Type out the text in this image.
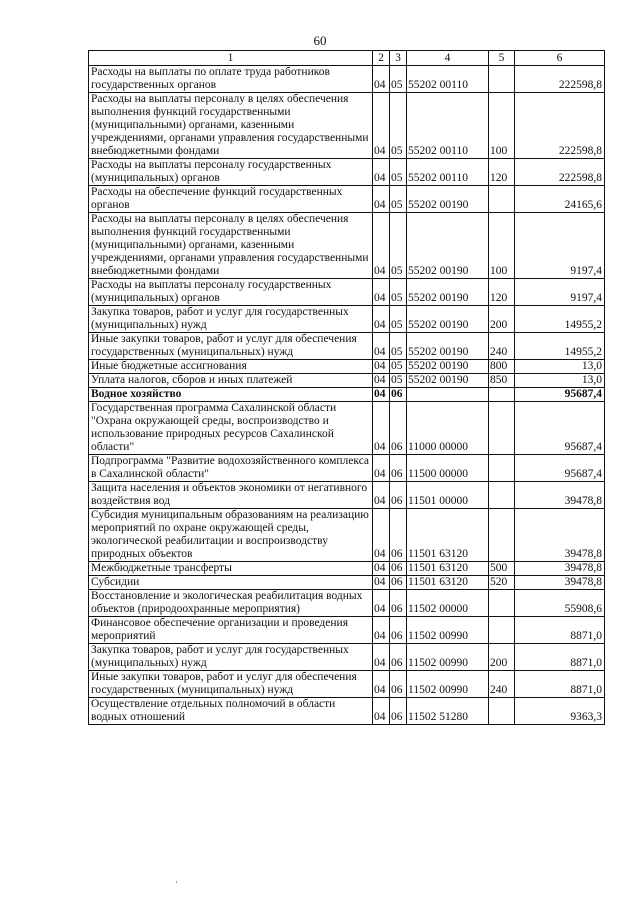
60
1	2	3	4	5	6
Расходы на выплаты по оплате труда работников государственных органов	04	05	55202 00110		222598,8
Расходы на выплаты персоналу в целях обеспечения выполнения функций государственными (муниципальными) органами, казенными учреждениями, органами управления государственными внебюджетными фондами	04	05	55202 00110	100	222598,8
Расходы на выплаты персоналу государственных (муниципальных) органов	04	05	55202 00110	120	222598,8
Расходы на обеспечение функций государственных органов	04	05	55202 00190		24165,6
Расходы на выплаты персоналу в целях обеспечения выполнения функций государственными (муниципальными) органами, казенными учреждениями, органами управления государственными внебюджетными фондами	04	05	55202 00190	100	9197,4
Расходы на выплаты персоналу государственных (муниципальных) органов	04	05	55202 00190	120	9197,4
Закупка товаров, работ и услуг для государственных (муниципальных) нужд	04	05	55202 00190	200	14955,2
Иные закупки товаров, работ и услуг для обеспечения государственных (муниципальных) нужд	04	05	55202 00190	240	14955,2
Иные бюджетные ассигнования	04	05	55202 00190	800	13,0
Уплата налогов, сборов и иных платежей	04	05	55202 00190	850	13,0
Водное хозяйство	04	06			95687,4
Государственная программа Сахалинской области "Охрана окружающей среды, воспроизводство и использование природных ресурсов Сахалинской области"	04	06	11000 00000		95687,4
Подпрограмма "Развитие водохозяйственного комплекса в Сахалинской области"	04	06	11500 00000		95687,4
Защита населения и объектов экономики от негативного воздействия вод	04	06	11501 00000		39478,8
Субсидия муниципальным образованиям на реализацию мероприятий по охране окружающей среды, экологической реабилитации и воспроизводству природных объектов	04	06	11501 63120		39478,8
Межбюджетные трансферты	04	06	11501 63120	500	39478,8
Субсидии	04	06	11501 63120	520	39478,8
Восстановление и экологическая реабилитация водных объектов (природоохранные мероприятия)	04	06	11502 00000		55908,6
Финансовое обеспечение организации и проведения мероприятий	04	06	11502 00990		8871,0
Закупка товаров, работ и услуг для государственных (муниципальных) нужд	04	06	11502 00990	200	8871,0
Иные закупки товаров, работ и услуг для обеспечения государственных (муниципальных) нужд	04	06	11502 00990	240	8871,0
Осуществление отдельных полномочий в области водных отношений	04	06	11502 51280		9363,3
